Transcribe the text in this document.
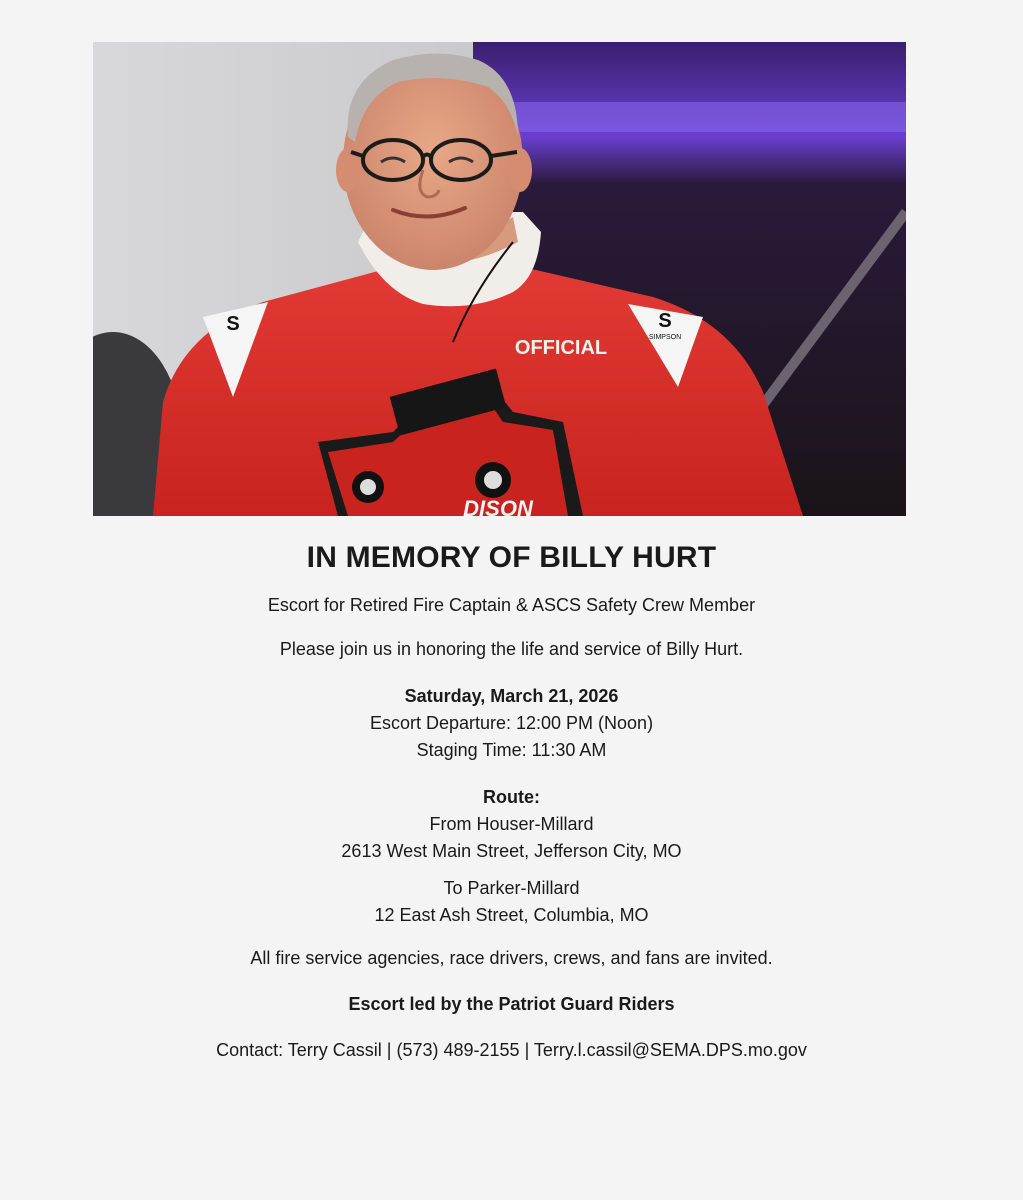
S	S
SIMPSON
OFFICIAL
DISON
IN MEMORY OF BILLY HURT
Escort for Retired Fire Captain & ASCS Safety Crew Member
Please join us in honoring the life and service of Billy Hurt.
Saturday, March 21, 2026
Escort Departure: 12:00 PM (Noon)
Staging Time: 11:30 AM
Route:
From Houser-Millard
2613 West Main Street, Jefferson City, MO
To Parker-Millard
12 East Ash Street, Columbia, MO
All fire service agencies, race drivers, crews, and fans are invited.
Escort led by the Patriot Guard Riders
Contact: Terry Cassil | (573) 489-2155 | Terry.l.cassil@SEMA.DPS.mo.gov
